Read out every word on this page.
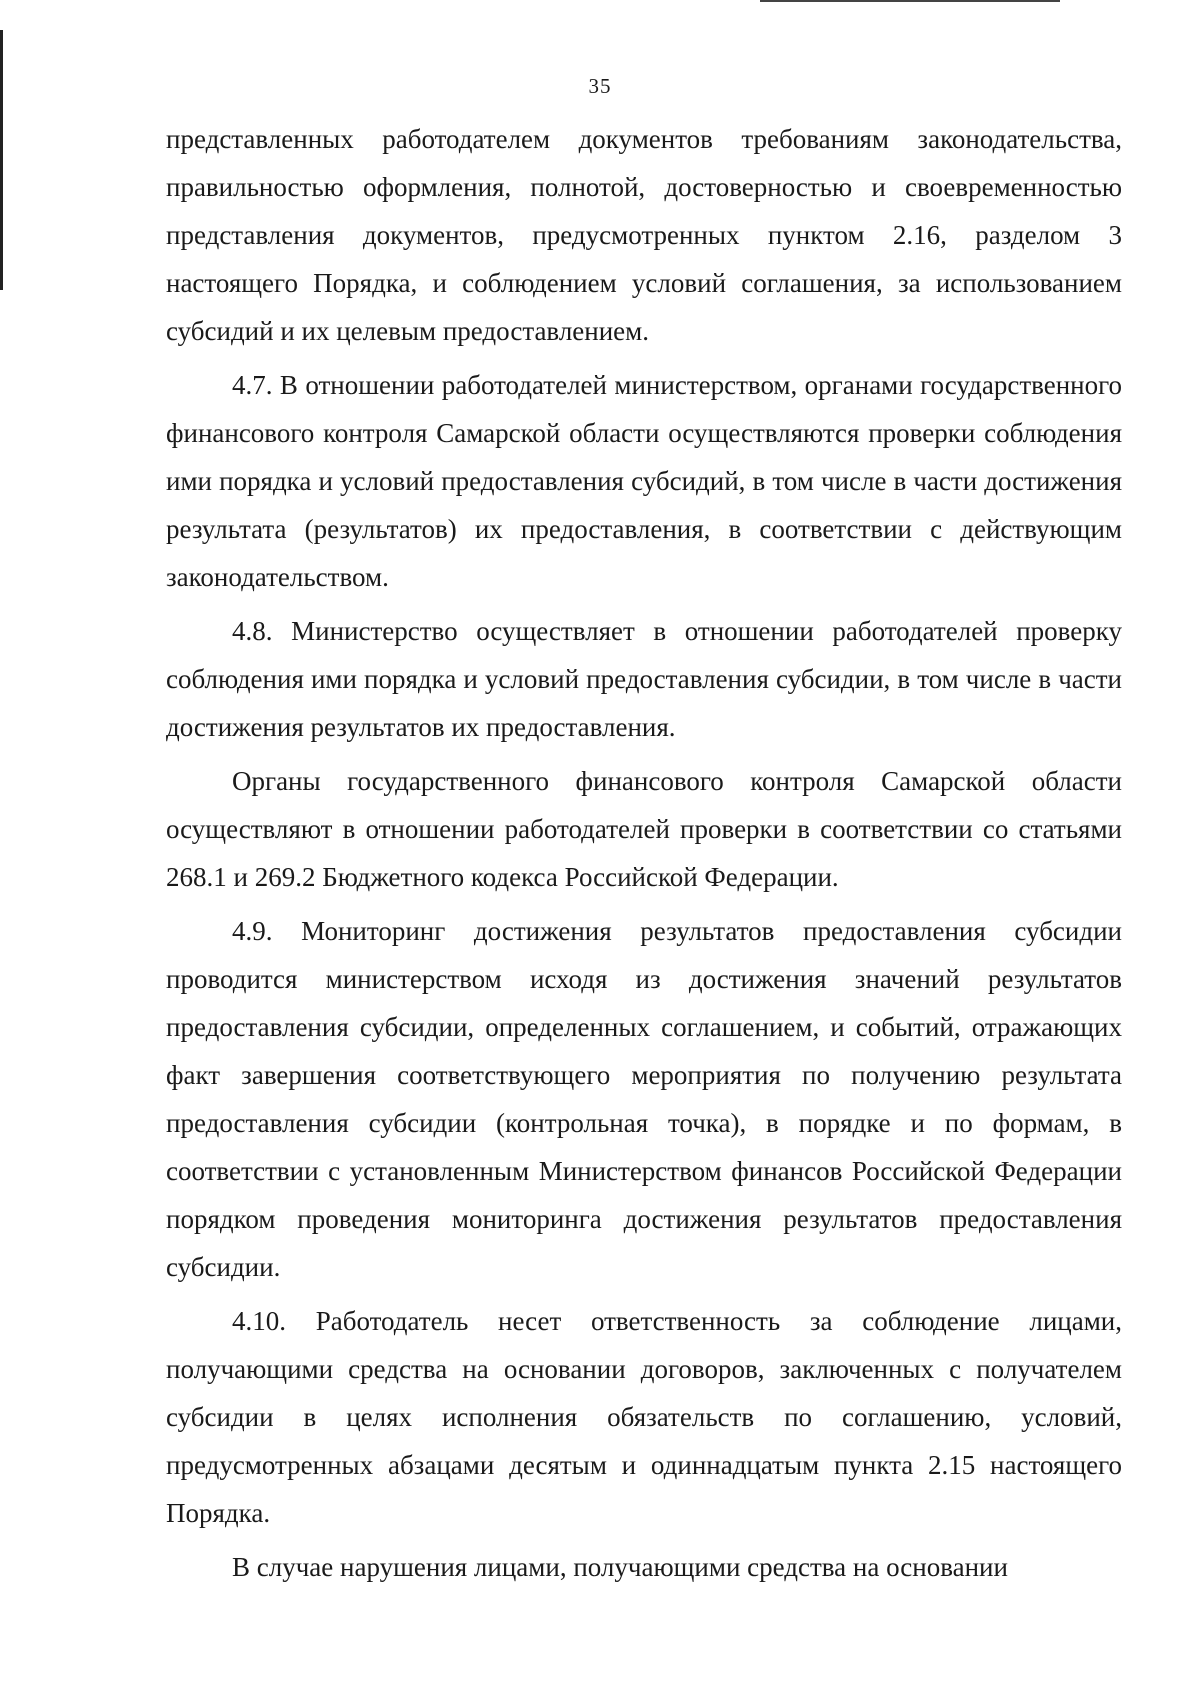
35

представленных работодателем документов требованиям законодательства, правильностью оформления, полнотой, достоверностью и своевременностью представления документов, предусмотренных пунктом 2.16, разделом 3 настоящего Порядка, и соблюдением условий соглашения, за использованием субсидий и их целевым предоставлением.

4.7. В отношении работодателей министерством, органами государственного финансового контроля Самарской области осуществляются проверки соблюдения ими порядка и условий предоставления субсидий, в том числе в части достижения результата (результатов) их предоставления, в соответствии с действующим законодательством.

4.8. Министерство осуществляет в отношении работодателей проверку соблюдения ими порядка и условий предоставления субсидии, в том числе в части достижения результатов их предоставления.

Органы государственного финансового контроля Самарской области осуществляют в отношении работодателей проверки в соответствии со статьями 268.1 и 269.2 Бюджетного кодекса Российской Федерации.

4.9. Мониторинг достижения результатов предоставления субсидии проводится министерством исходя из достижения значений результатов предоставления субсидии, определенных соглашением, и событий, отражающих факт завершения соответствующего мероприятия по получению результата предоставления субсидии (контрольная точка), в порядке и по формам, в соответствии с установленным Министерством финансов Российской Федерации порядком проведения мониторинга достижения результатов предоставления субсидии.

4.10. Работодатель несет ответственность за соблюдение лицами, получающими средства на основании договоров, заключенных с получателем субсидии в целях исполнения обязательств по соглашению, условий, предусмотренных абзацами десятым и одиннадцатым пункта 2.15 настоящего Порядка.

В случае нарушения лицами, получающими средства на основании
